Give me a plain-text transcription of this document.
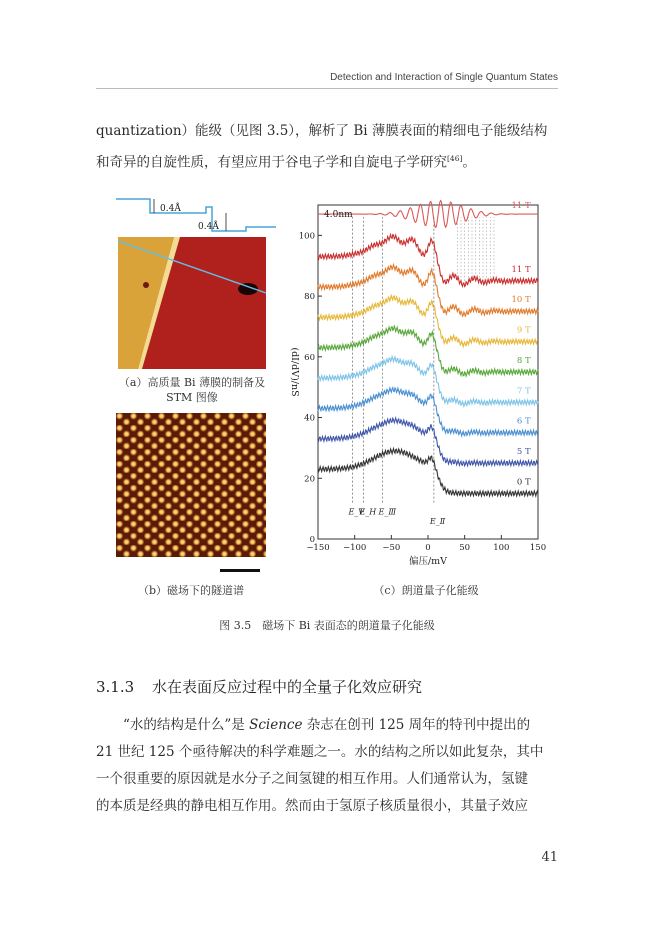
Detection and Interaction of Single Quantum States

quantization）能级（见图 3.5），解析了 Bi 薄膜表面的精细电子能级结构
和奇异的自旋性质，有望应用于谷电子学和自旋电子学研究[46]。

0.4Å
0.4Å
（a）高质量 Bi 薄膜的制备及
STM 图像
（b）磁场下的隧道谱
E_V
E_H E_Ⅲ
E_Ⅱ
0 T
5 T
6 T
7 T
8 T
9 T
10 T
11 T
11 T
−150 −100 −50	0	50	100 150
0
20
40
60
80
100
4.0nm
偏压/mV
(dI/dV)/nS
（c）朗道量子化能级
图 3.5　磁场下 Bi 表面态的朗道量子化能级
3.1.3 水在表面反应过程中的全量子化效应研究

“水的结构是什么”是 Science 杂志在创刊 125 周年的特刊中提出的
21 世纪 125 个亟待解决的科学难题之一。水的结构之所以如此复杂，其中
一个很重要的原因就是水分子之间氢键的相互作用。人们通常认为，氢键
的本质是经典的静电相互作用。然而由于氢原子核质量很小，其量子效应

41
